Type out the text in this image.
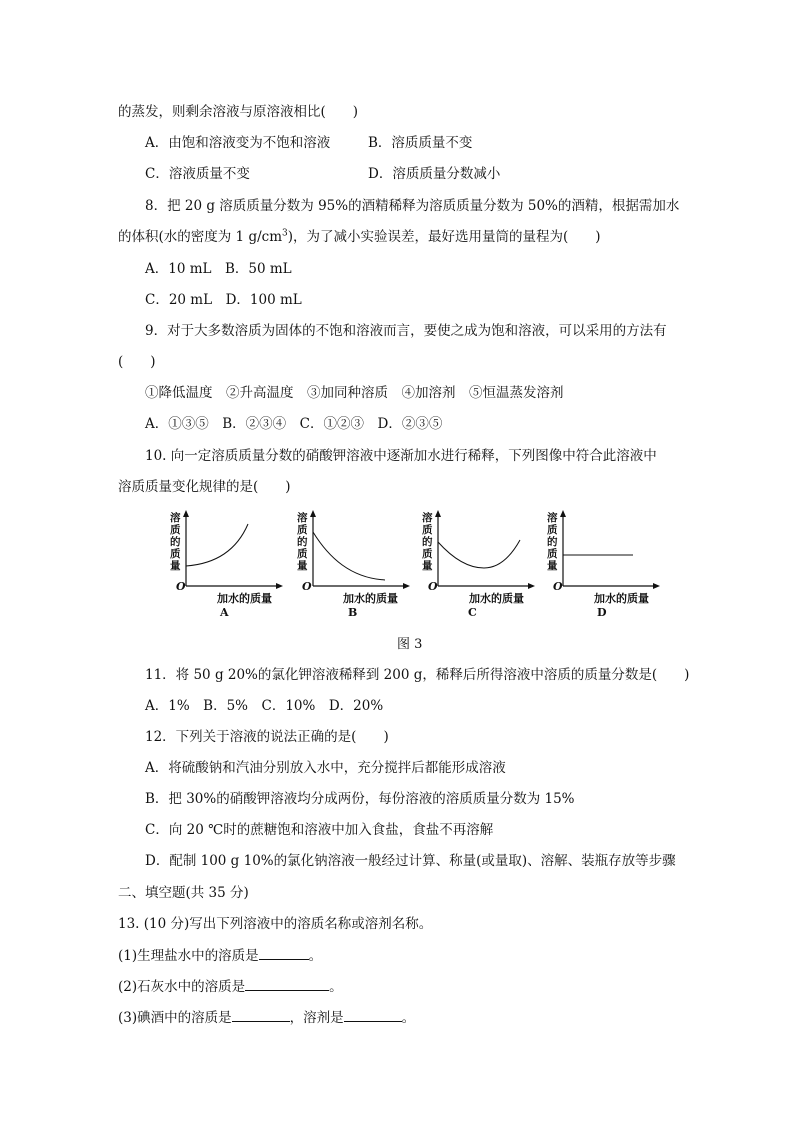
的蒸发，则剩余溶液与原溶液相比(　　)
A．由饱和溶液变为不饱和溶液	B．溶质质量不变
C．溶液质量不变	D．溶质质量分数减小
8．把 20 g 溶质质量分数为 95%的酒精稀释为溶质质量分数为 50%的酒精，根据需加水
的体积(水的密度为 1 $g/cm^3$)，为了减小实验误差，最好选用量筒的量程为(　　)
A．10 mL　B．50 mL
C．20 mL　D．100 mL
9．对于大多数溶质为固体的不饱和溶液而言，要使之成为饱和溶液，可以采用的方法有
(　　)
①降低温度　②升高温度　③加同种溶质　④加溶剂　⑤恒温蒸发溶剂
A．①③⑤　B．②③④　C．①②③　D．②③⑤
10. 向一定溶质质量分数的硝酸钾溶液中逐渐加水进行稀释，下列图像中符合此溶液中
溶质质量变化规律的是(　　)
溶质的质量
O
加水的质量
A
溶质的质量
O
加水的质量
B
溶质的质量
O
加水的质量
C
溶质的质量
O
加水的质量
D
图 3
11．将 50 g 20%的氯化钾溶液稀释到 200 g，稀释后所得溶液中溶质的质量分数是(　　)
A．1%　B．5%　C．10%　D．20%
12．下列关于溶液的说法正确的是(　　)
A．将硫酸钠和汽油分别放入水中，充分搅拌后都能形成溶液
B．把 30%的硝酸钾溶液均分成两份，每份溶液的溶质质量分数为 15%
C．向 20 ℃时的蔗糖饱和溶液中加入食盐，食盐不再溶解
D．配制 100 g 10%的氯化钠溶液一般经过计算、称量(或量取)、溶解、装瓶存放等步骤
二、填空题(共 35 分)
13. (10 分)写出下列溶液中的溶质名称或溶剂名称。
(1)生理盐水中的溶质是	。
(2)石灰水中的溶质是	。
(3)碘酒中的溶质是	，溶剂是	。
